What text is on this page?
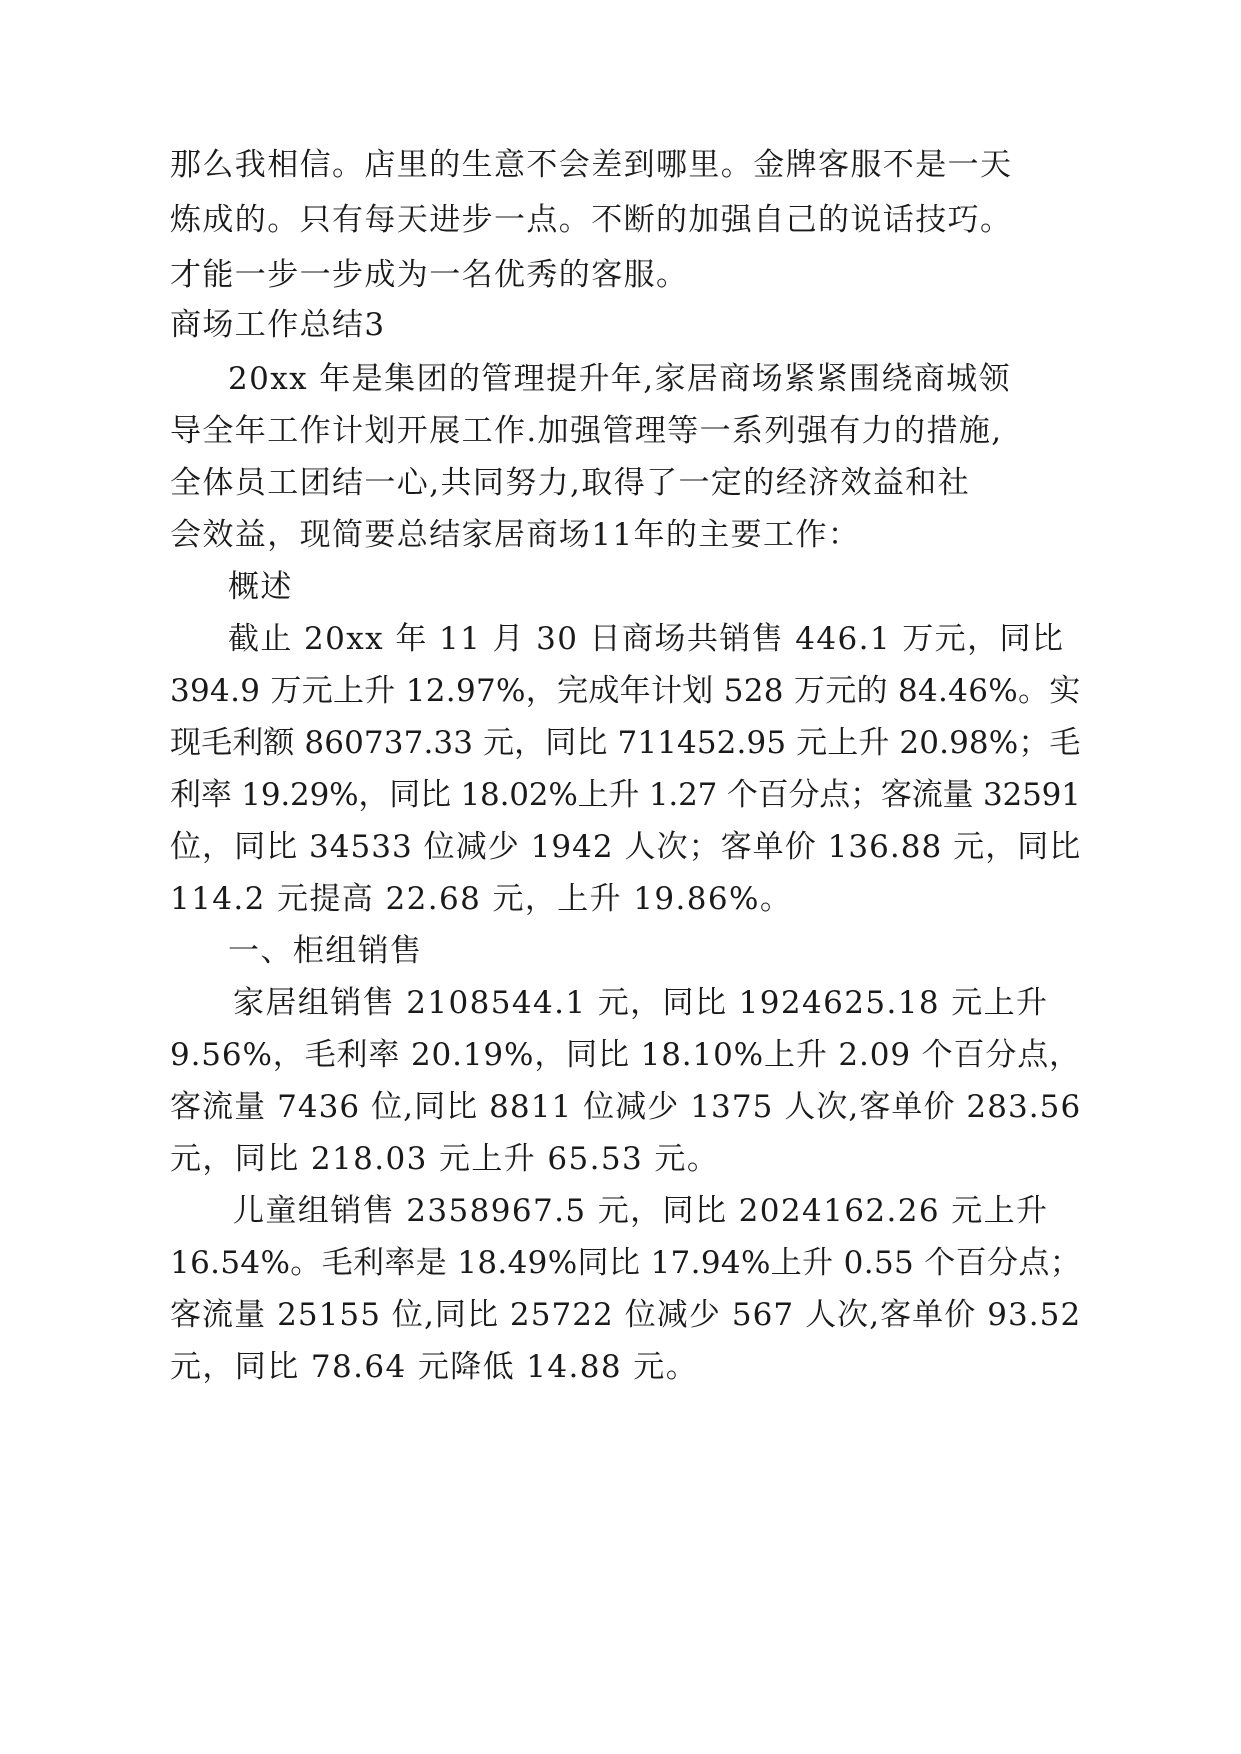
那么我相信。店里的生意不会差到哪里。金牌客服不是一天

炼成的。只有每天进步一点。不断的加强自己的说话技巧。

才能一步一步成为一名优秀的客服。

商场工作总结3

20xx 年是集团的管理提升年,家居商场紧紧围绕商城领

导全年工作计划开展工作.加强管理等一系列强有力的措施,

全体员工团结一心,共同努力,取得了一定的经济效益和社

会效益，现简要总结家居商场11年的主要工作：

概述

截止 20xx 年 11 月 30 日商场共销售 446.1 万元，同比

394.9 万元上升 12.97%，完成年计划 528 万元的 84.46%。实

现毛利额 860737.33 元，同比 711452.95 元上升 20.98%；毛

利率 19.29%，同比 18.02%上升 1.27 个百分点；客流量 32591

位，同比 34533 位减少 1942 人次；客单价 136.88 元，同比

114.2 元提高 22.68 元，上升 19.86%。

一、柜组销售

家居组销售 2108544.1 元，同比 1924625.18 元上升

9.56%，毛利率 20.19%，同比 18.10%上升 2.09 个百分点，

客流量 7436 位,同比 8811 位减少 1375 人次,客单价 283.56

元，同比 218.03 元上升 65.53 元。

儿童组销售 2358967.5 元，同比 2024162.26 元上升

16.54%。毛利率是 18.49%同比 17.94%上升 0.55 个百分点；

客流量 25155 位,同比 25722 位减少 567 人次,客单价 93.52

元，同比 78.64 元降低 14.88 元。
